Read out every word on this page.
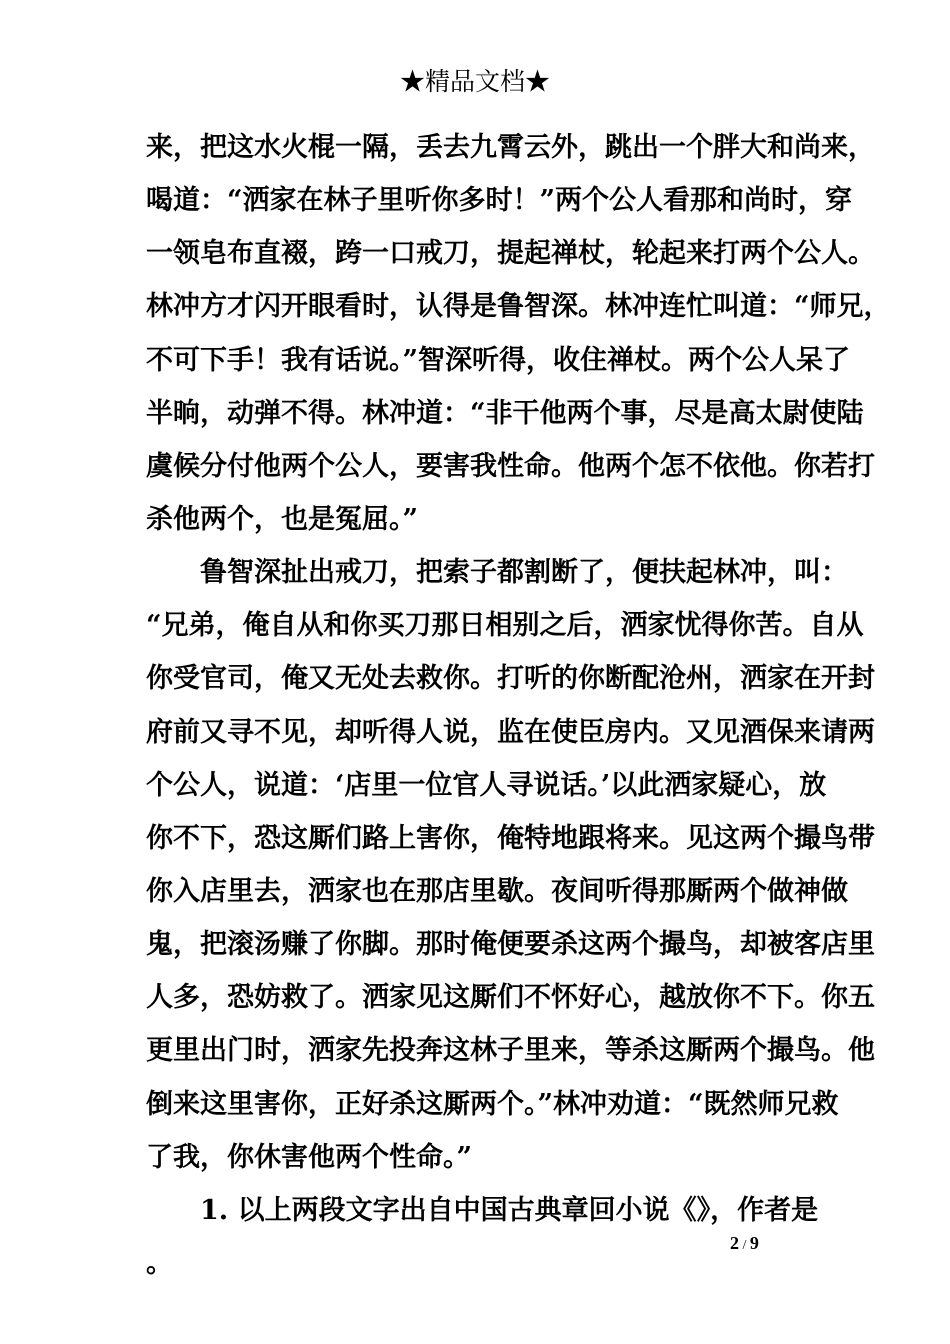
★精品文档★
来，把这水火棍一隔，丢去九霄云外，跳出一个胖大和尚来，
喝道：“洒家在林子里听你多时！”两个公人看那和尚时，穿
一领皂布直裰，跨一口戒刀，提起禅杖，轮起来打两个公人。
林冲方才闪开眼看时，认得是鲁智深。林冲连忙叫道：“师兄，
不可下手！我有话说。”智深听得，收住禅杖。两个公人呆了
半晌，动弹不得。林冲道：“非干他两个事，尽是高太尉使陆
虞候分付他两个公人，要害我性命。他两个怎不依他。你若打
杀他两个，也是冤屈。”
鲁智深扯出戒刀，把索子都割断了，便扶起林冲，叫：
“兄弟，俺自从和你买刀那日相别之后，洒家忧得你苦。自从
你受官司，俺又无处去救你。打听的你断配沧州，洒家在开封
府前又寻不见，却听得人说，监在使臣房内。又见酒保来请两
个公人，说道：‘店里一位官人寻说话。’以此洒家疑心，放
你不下，恐这厮们路上害你，俺特地跟将来。见这两个撮鸟带
你入店里去，洒家也在那店里歇。夜间听得那厮两个做神做
鬼，把滚汤赚了你脚。那时俺便要杀这两个撮鸟，却被客店里
人多，恐妨救了。洒家见这厮们不怀好心，越放你不下。你五
更里出门时，洒家先投奔这林子里来，等杀这厮两个撮鸟。他
倒来这里害你，正好杀这厮两个。”林冲劝道：“既然师兄救
了我，你休害他两个性命。”
1. 以上两段文字出自中国古典章回小说《 》，作者是
。
2 / 9
